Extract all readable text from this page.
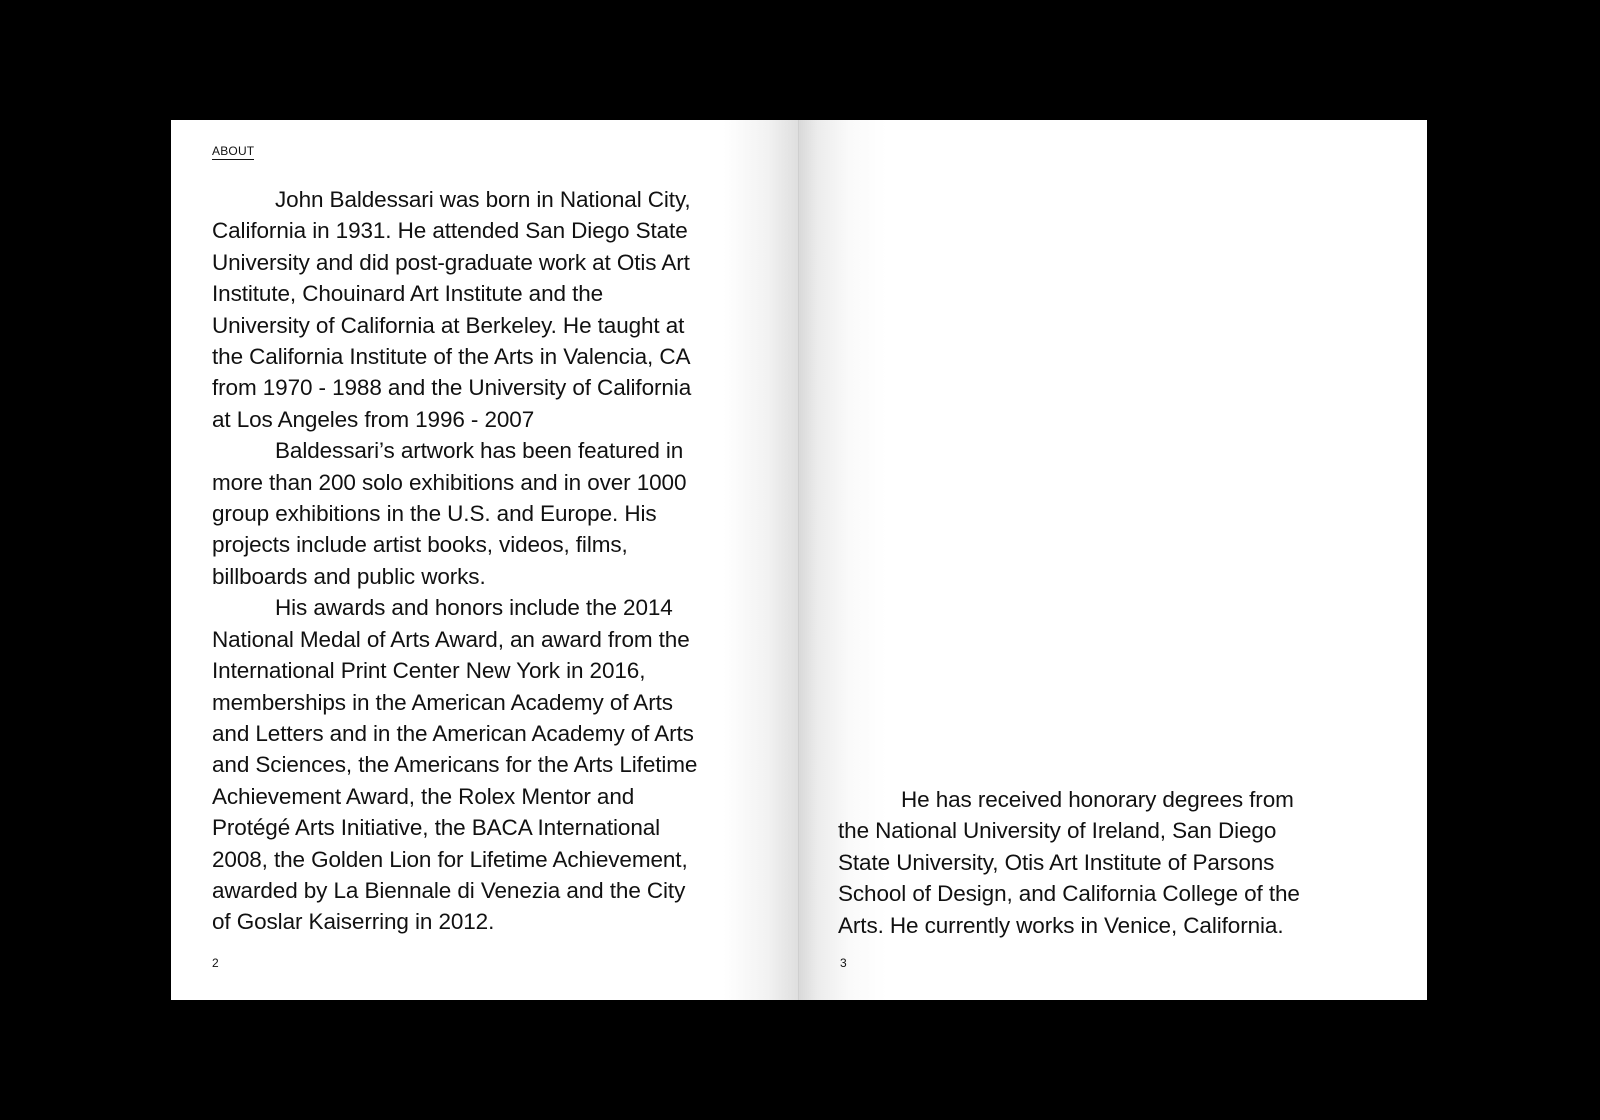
ABOUT

John Baldessari was born in National City, California in 1931. He attended San Diego State University and did post-graduate work at Otis Art Institute, Chouinard Art Institute and the University of California at Berkeley. He taught at the California Institute of the Arts in Valencia, CA from 1970 - 1988 and the University of California at Los Angeles from 1996 - 2007

Baldessari’s artwork has been featured in more than 200 solo exhibitions and in over 1000 group exhibitions in the U.S. and Europe. His projects include artist books, videos, films, billboards and public works.

His awards and honors include the 2014 National Medal of Arts Award, an award from the International Print Center New York in 2016, memberships in the American Academy of Arts and Letters and in the American Academy of Arts and Sciences, the Americans for the Arts Lifetime Achievement Award, the Rolex Mentor and Protégé Arts Initiative, the BACA International 2008, the Golden Lion for Lifetime Achievement, awarded by La Biennale di Venezia and the City of Goslar Kaiserring in 2012.

2

He has received honorary degrees from the National University of Ireland, San Diego State University, Otis Art Institute of Parsons School of Design, and California College of the Arts. He currently works in Venice, California.

3
